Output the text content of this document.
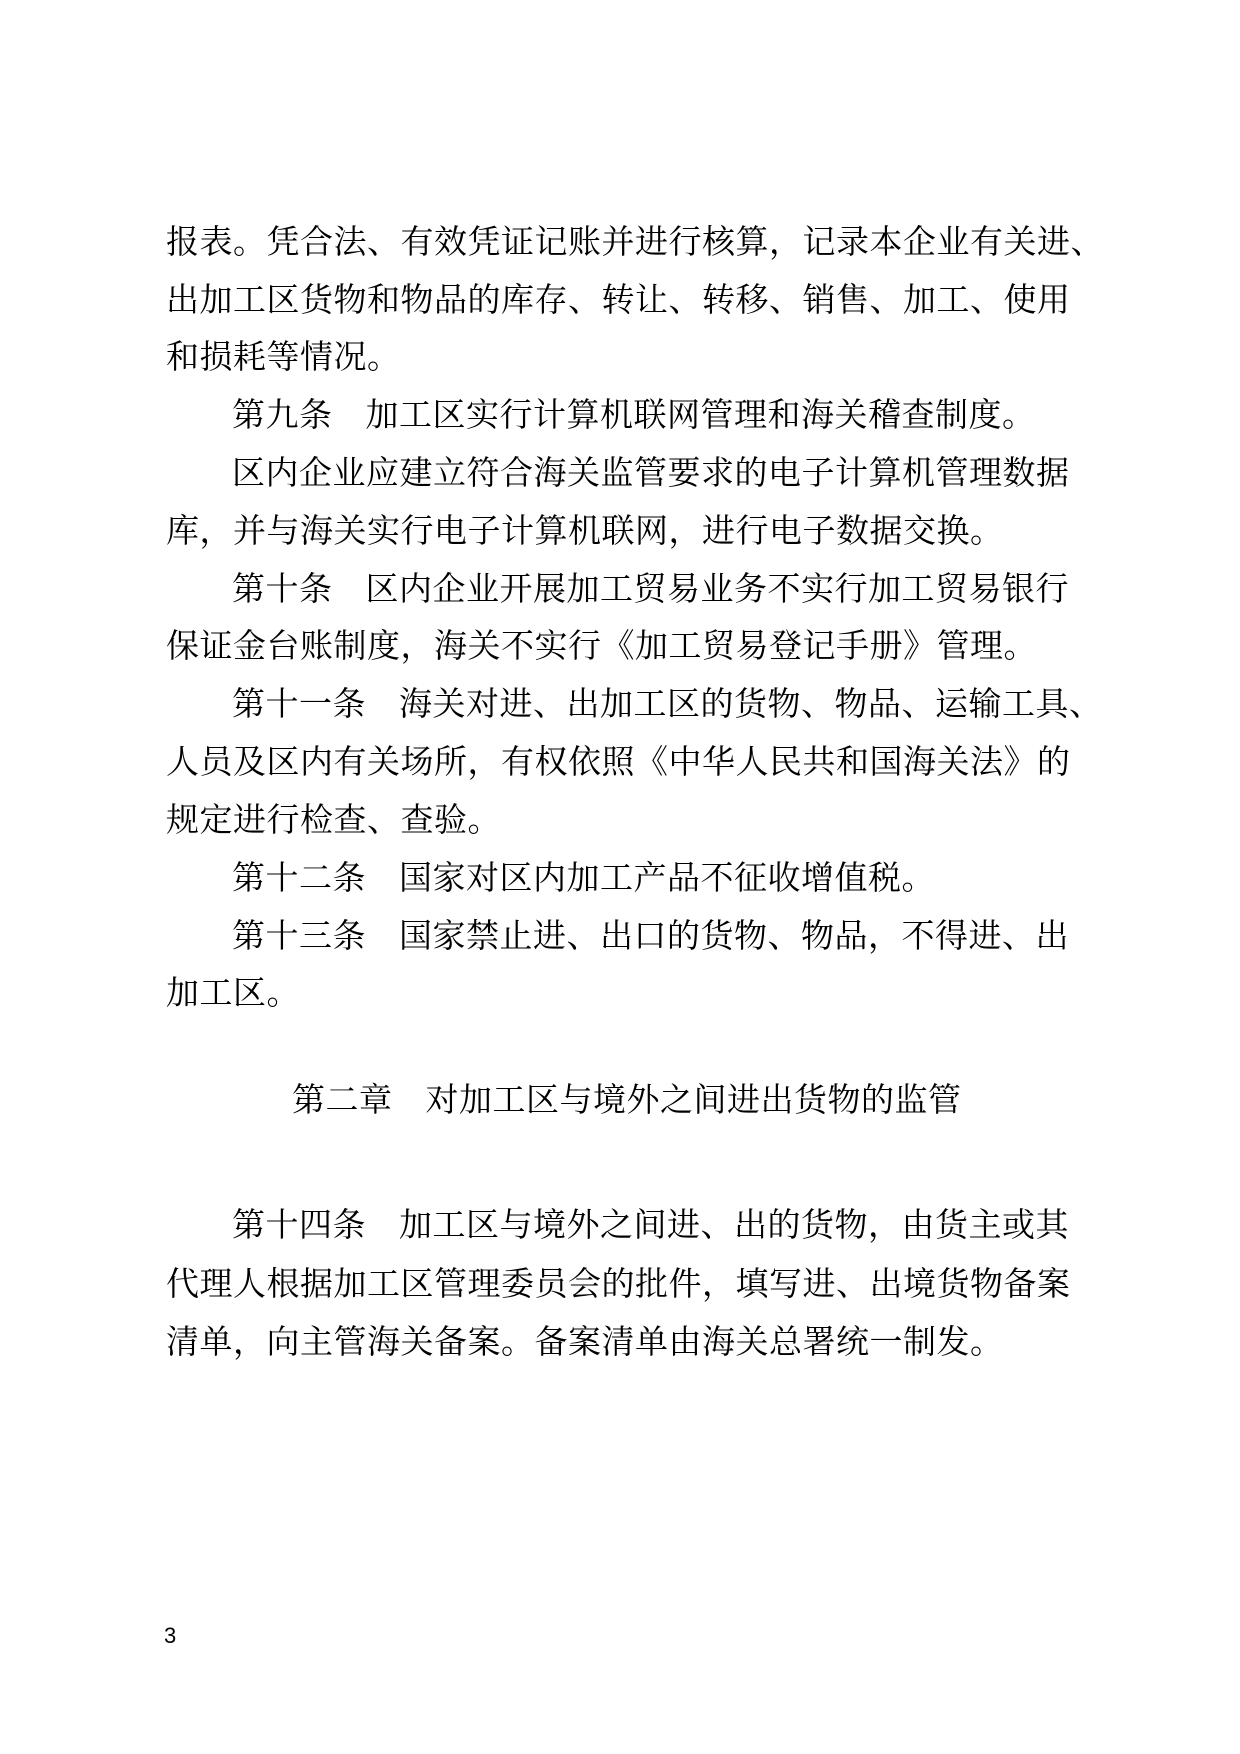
报表。凭合法、有效凭证记账并进行核算，记录本企业有关进、
出加工区货物和物品的库存、转让、转移、销售、加工、使用
和损耗等情况。
第九条 加工区实行计算机联网管理和海关稽查制度。
区内企业应建立符合海关监管要求的电子计算机管理数据
库，并与海关实行电子计算机联网，进行电子数据交换。
第十条 区内企业开展加工贸易业务不实行加工贸易银行
保证金台账制度，海关不实行《加工贸易登记手册》管理。
第十一条 海关对进、出加工区的货物、物品、运输工具、
人员及区内有关场所，有权依照《中华人民共和国海关法》的
规定进行检查、查验。
第十二条 国家对区内加工产品不征收增值税。
第十三条 国家禁止进、出口的货物、物品，不得进、出
加工区。
第二章 对加工区与境外之间进出货物的监管
第十四条 加工区与境外之间进、出的货物，由货主或其
代理人根据加工区管理委员会的批件，填写进、出境货物备案
清单，向主管海关备案。备案清单由海关总署统一制发。
3
